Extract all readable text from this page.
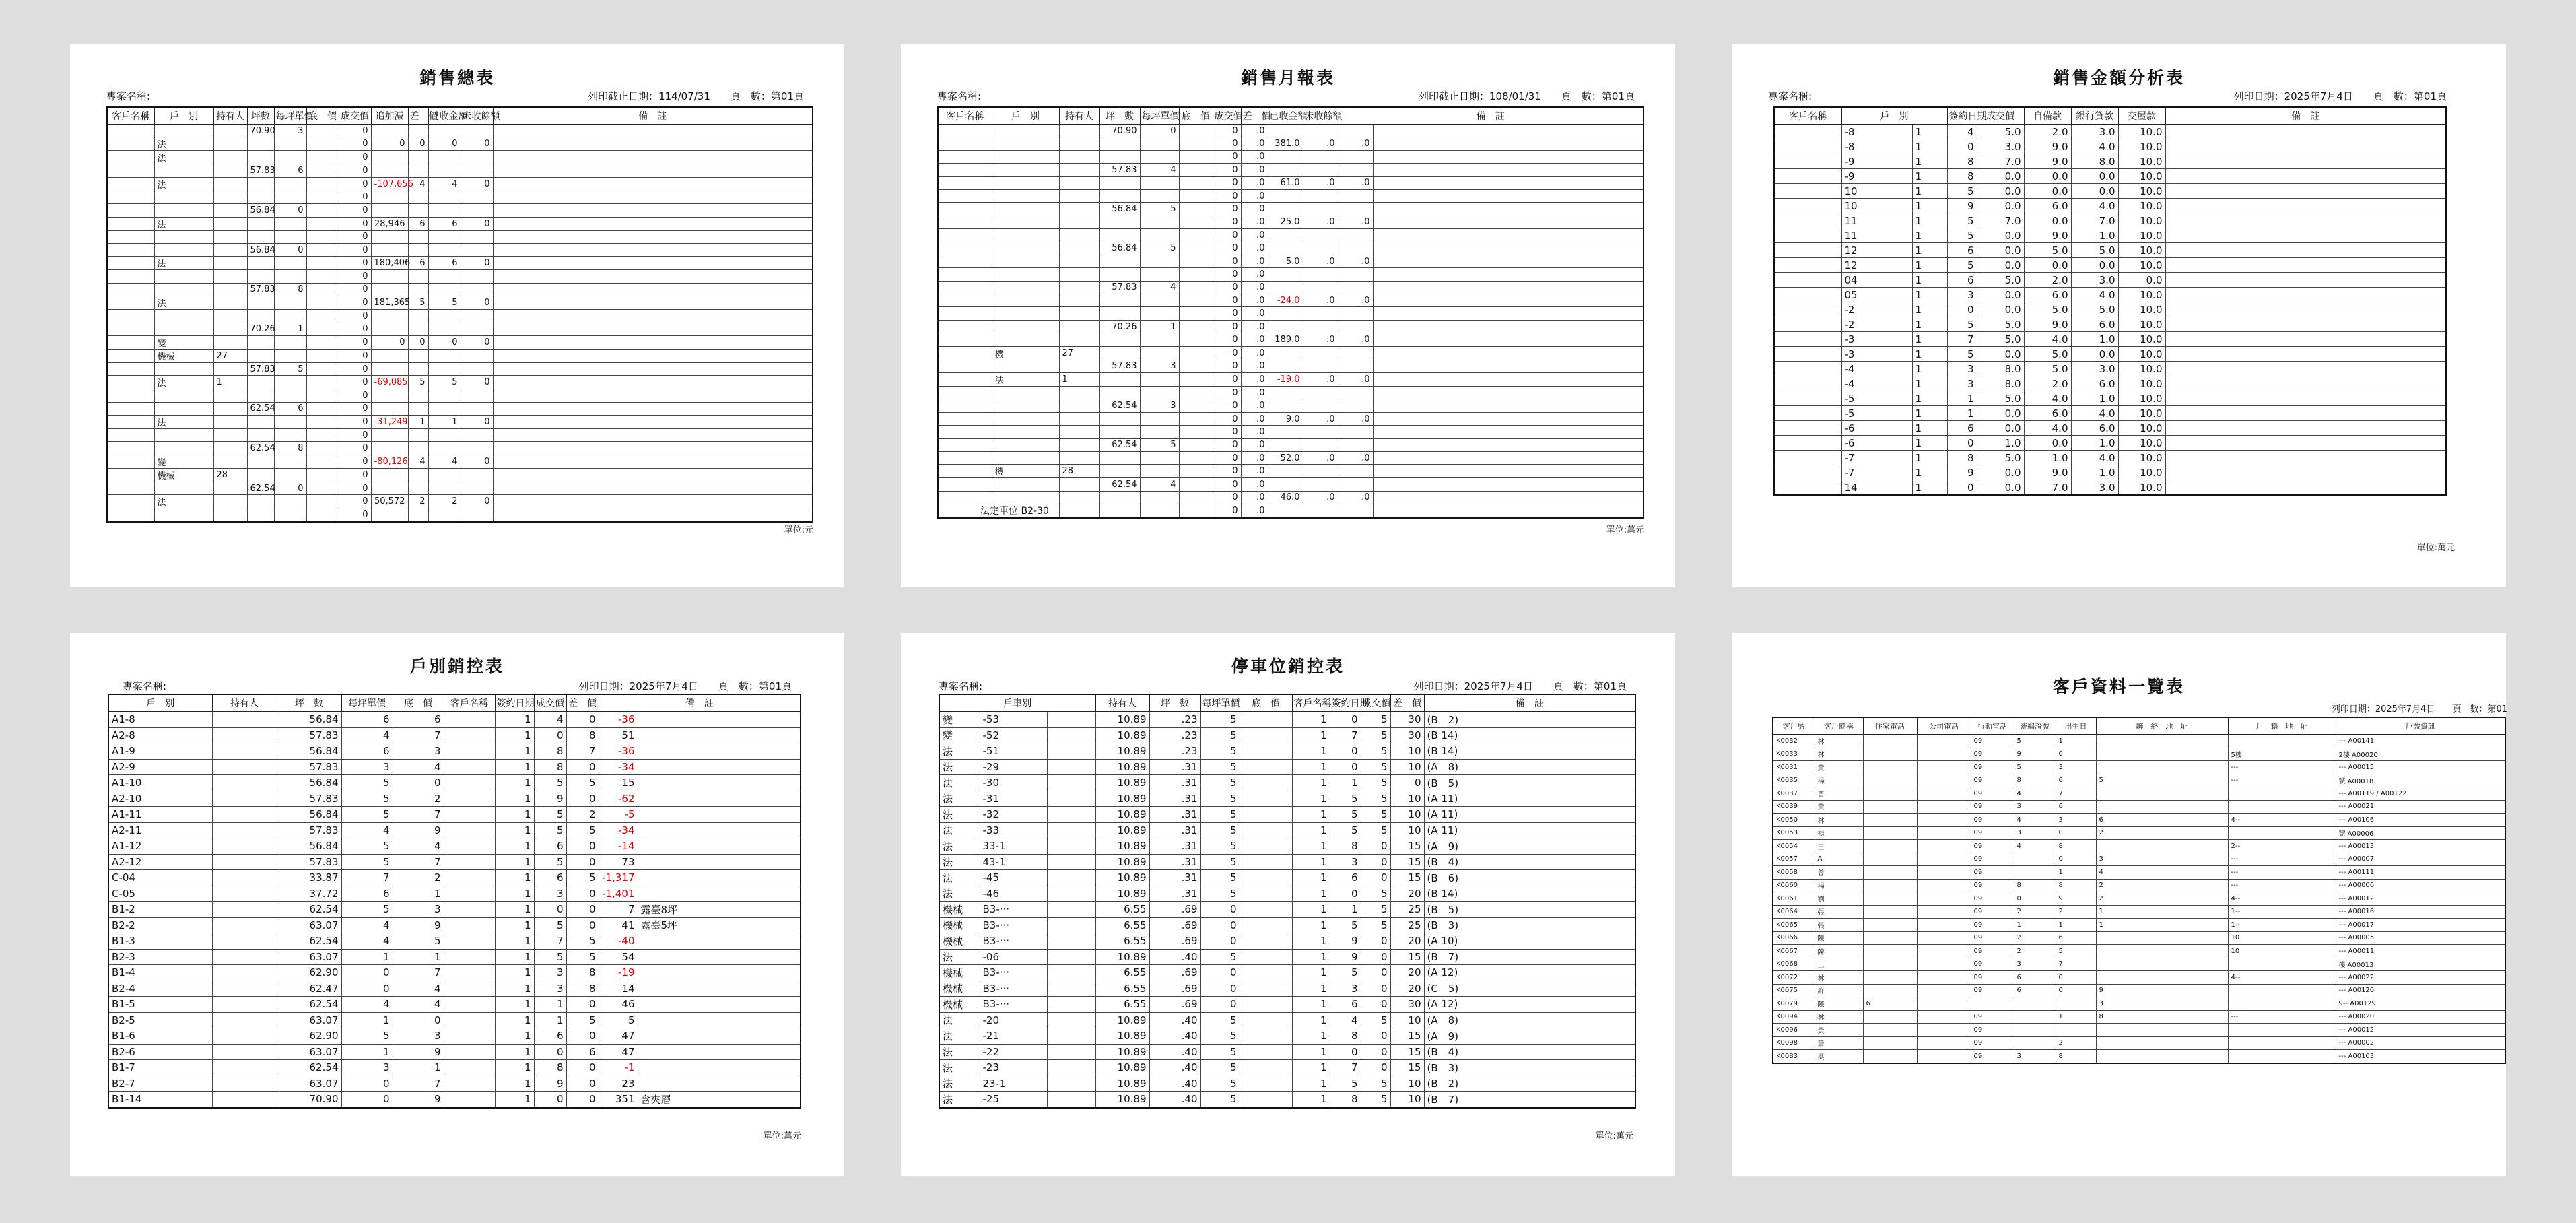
銷售總表
專案名稱:	列印截止日期：114/07/31　　頁　數：第01頁
客戶名稱	戶　別	持有人	坪數	每坪單價	底　價	成交價	追加減	差　價	已收金額	未收餘額	備　註
			70.90	3		0					
	法					0	0	0	0	0	
	法					0					
			57.83	6		0					
	法					0	-107,656	4	4	0	
						0					
			56.84	0		0					
	法					0	28,946	6	6	0	
						0					
			56.84	0		0					
	法					0	180,406	6	6	0	
						0					
			57.83	8		0					
	法					0	181,365	5	5	0	
						0					
			70.26	1		0					
	變					0	0	0	0	0	
	機械	27				0					
			57.83	5		0					
	法	1				0	-69,085	5	5	0	
						0					
			62.54	6		0					
	法					0	-31,249	1	1	0	
						0					
			62.54	8		0					
	變					0	-80,126	4	4	0	
	機械	28				0					
			62.54	0		0					
	法					0	50,572	2	2	0	
						0					
單位:元
銷售月報表
專案名稱:	列印截止日期：108/01/31　　頁　數：第01頁
客戶名稱	戶　別	持有人	坪　數	每坪單價	底　價	成交價	差　價	已收金額	未收餘額	備　註	
			70.90	0		0	.0				
						0	.0	381.0	.0	.0	
						0	.0				
			57.83	4		0	.0				
						0	.0	61.0	.0	.0	
						0	.0				
			56.84	5		0	.0				
						0	.0	25.0	.0	.0	
						0	.0				
			56.84	5		0	.0				
						0	.0	5.0	.0	.0	
						0	.0				
			57.83	4		0	.0				
						0	.0	-24.0	.0	.0	
						0	.0				
			70.26	1		0	.0				
						0	.0	189.0	.0	.0	
	機	27				0	.0				
			57.83	3		0	.0				
	法	1				0	.0	-19.0	.0	.0	
						0	.0				
			62.54	3		0	.0				
						0	.0	9.0	.0	.0	
						0	.0				
			62.54	5		0	.0				
						0	.0	52.0	.0	.0	
	機	28				0	.0				
			62.54	4		0	.0				
						0	.0	46.0	.0	.0	
						0	.0				
法定車位 B2-30
單位:萬元
銷售金額分析表
專案名稱:	列印日期：2025年7月4日　　頁　數：第01頁
客戶名稱	戶　別		簽約日期	成交價	自備款	銀行貸款	交屋款	備　註
	-8	1	4	5.0	2.0	3.0	10.0	
	-8	1	0	3.0	9.0	4.0	10.0	
	-9	1	8	7.0	9.0	8.0	10.0	
	-9	1	8	0.0	0.0	0.0	10.0	
	10	1	5	0.0	0.0	0.0	10.0	
	10	1	9	0.0	6.0	4.0	10.0	
	11	1	5	7.0	0.0	7.0	10.0	
	11	1	5	0.0	9.0	1.0	10.0	
	12	1	6	0.0	5.0	5.0	10.0	
	12	1	5	0.0	0.0	0.0	10.0	
	04	1	6	5.0	2.0	3.0	0.0	
	05	1	3	0.0	6.0	4.0	10.0	
	-2	1	0	0.0	5.0	5.0	10.0	
	-2	1	5	5.0	9.0	6.0	10.0	
	-3	1	7	5.0	4.0	1.0	10.0	
	-3	1	5	0.0	5.0	0.0	10.0	
	-4	1	3	8.0	5.0	3.0	10.0	
	-4	1	3	8.0	2.0	6.0	10.0	
	-5	1	1	5.0	4.0	1.0	10.0	
	-5	1	1	0.0	6.0	4.0	10.0	
	-6	1	6	0.0	4.0	6.0	10.0	
	-6	1	0	1.0	0.0	1.0	10.0	
	-7	1	8	5.0	1.0	4.0	10.0	
	-7	1	9	0.0	9.0	1.0	10.0	
	14	1	0	0.0	7.0	3.0	10.0	
單位:萬元
戶別銷控表
專案名稱:	列印日期：2025年7月4日　　頁　數：第01頁
戶　別	持有人	坪　數	每坪單價	底　價	客戶名稱	簽約日期	成交價	差　價	備　註	
A1-8		56.84	6	6		1	4	0	-36	
A2-8		57.83	4	7		1	0	8	51	
A1-9		56.84	6	3		1	8	7	-36	
A2-9		57.83	3	4		1	8	0	-34	
A1-10		56.84	5	0		1	5	5	15	
A2-10		57.83	5	2		1	9	0	-62	
A1-11		56.84	5	7		1	5	2	-5	
A2-11		57.83	4	9		1	5	5	-34	
A1-12		56.84	5	4		1	6	0	-14	
A2-12		57.83	5	7		1	5	0	73	
C-04		33.87	7	2		1	6	5	-1,317	
C-05		37.72	6	1		1	3	0	-1,401	
B1-2		62.54	5	3		1	0	0	7	露臺8坪
B2-2		63.07	4	9		1	5	0	41	露臺5坪
B1-3		62.54	4	5		1	7	5	-40	
B2-3		63.07	1	1		1	5	5	54	
B1-4		62.90	0	7		1	3	8	-19	
B2-4		62.47	0	4		1	3	8	14	
B1-5		62.54	4	4		1	1	0	46	
B2-5		63.07	1	0		1	1	5	5	
B1-6		62.90	5	3		1	6	0	47	
B2-6		63.07	1	9		1	0	6	47	
B1-7		62.54	3	1		1	8	0	-1	
B2-7		63.07	0	7		1	9	0	23	
B1-14		70.90	0	9		1	0	0	351	含夾層
單位:萬元
停車位銷控表
專案名稱:	列印日期：2025年7月4日　　頁　數：第01頁
戶車別			持有人	坪　數	每坪單價	底　價	客戶名稱	簽約日期	成交價	差　價	備　註
變	-53		10.89	.23	5		1	0	5	30	(B　2)
變	-52		10.89	.23	5		1	7	5	30	(B 14)
法	-51		10.89	.23	5		1	0	5	10	(B 14)
法	-29		10.89	.31	5		1	0	5	10	(A　8)
法	-30		10.89	.31	5		1	1	5	0	(B　5)
法	-31		10.89	.31	5		1	5	5	10	(A 11)
法	-32		10.89	.31	5		1	5	5	10	(A 11)
法	-33		10.89	.31	5		1	5	5	10	(A 11)
法	33-1		10.89	.31	5		1	8	0	15	(A　9)
法	43-1		10.89	.31	5		1	3	0	15	(B　4)
法	-45		10.89	.31	5		1	6	0	15	(B　6)
法	-46		10.89	.31	5		1	0	5	20	(B 14)
機械	B3-···		6.55	.69	0		1	1	5	25	(B　5)
機械	B3-···		6.55	.69	0		1	5	5	25	(B　3)
機械	B3-···		6.55	.69	0		1	9	0	20	(A 10)
法	-06		10.89	.40	5		1	9	0	15	(B　7)
機械	B3-···		6.55	.69	0		1	5	0	20	(A 12)
機械	B3-···		6.55	.69	0		1	3	0	20	(C　5)
機械	B3-···		6.55	.69	0		1	6	0	30	(A 12)
法	-20		10.89	.40	5		1	4	5	10	(A　8)
法	-21		10.89	.40	5		1	8	0	15	(A　9)
法	-22		10.89	.40	5		1	0	0	15	(B　4)
法	-23		10.89	.40	5		1	7	0	15	(B　3)
法	23-1		10.89	.40	5		1	5	5	10	(B　2)
法	-25		10.89	.40	5		1	8	5	10	(B　7)
單位:萬元
客戶資料一覽表
列印日期：2025年7月4日　　頁　數：第01
客戶號	客戶簡稱	住家電話	公司電話	行動電話	統編證號	出生日	聯　絡　地　址	戶　籍　地　址	戶號資訊
K0032	林			09	5	1			--- A00141
K0033	林			09	9	0		5樓	2樓 A00020
K0031	黃			09	5	3		---	--- A00015
K0035	楊			09	8	6	5	---	號 A00018
K0037	黃			09	4	7			--- A00119 / A00122
K0039	黃			09	3	6			--- A00021
K0050	林			09	4	3	6	4--	--- A00106
K0053	楊			09	3	0	2		號 A00006
K0054	王			09	4	8		2--	--- A00013
K0057	A			09		0	3	---	--- A00007
K0058	曾			09		1	4	---	--- A00111
K0060	楊			09	8	8	2	---	--- A00006
K0061	劉			09	0	9	2	4--	--- A00012
K0064	張			09	2	2	1	1--	--- A00016
K0065	張			09	1	1	1	1--	--- A00017
K0066	陳			09	2	6		10	--- A00005
K0067	陳			09	2	5		10	--- A00011
K0068	王			09	3	7			樓 A00013
K0072	林			09	6	0		4--	--- A00022
K0075	許			09	6	0	9		--- A00120
K0079	陳	6					3		9-- A00129
K0094	林			09		1	8	---	--- A00020
K0096	黃			09					--- A00012
K0098	蕭			09		2			--- A00002
K0083	吳			09	3	8			--- A00103
